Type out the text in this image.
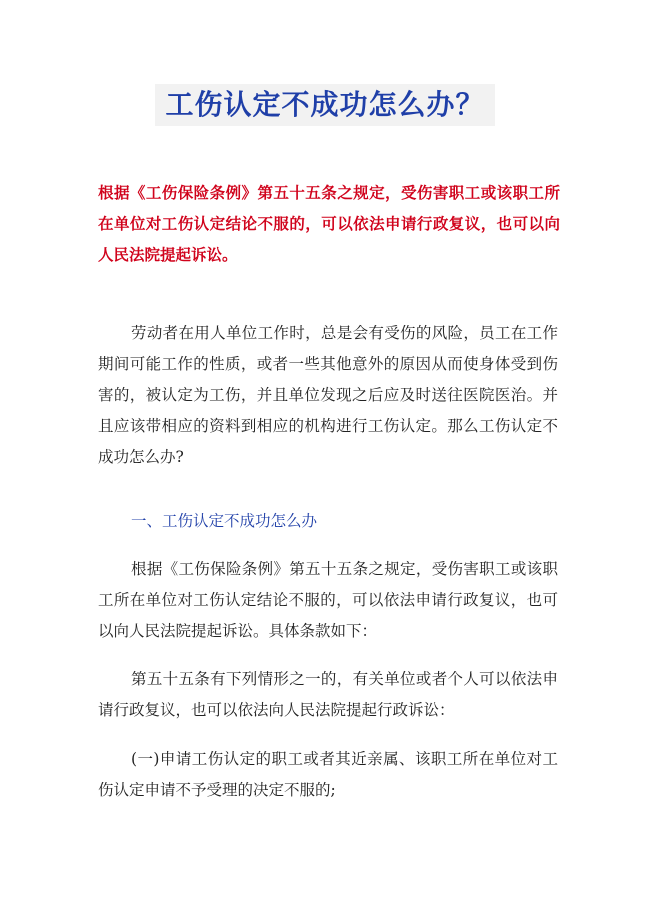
工伤认定不成功怎么办？

根据《工伤保险条例》第五十五条之规定，受伤害职工或该职工所在单位对工伤认定结论不服的，可以依法申请行政复议，也可以向人民法院提起诉讼。

劳动者在用人单位工作时，总是会有受伤的风险，员工在工作期间可能工作的性质，或者一些其他意外的原因从而使身体受到伤害的，被认定为工伤，并且单位发现之后应及时送往医院医治。并且应该带相应的资料到相应的机构进行工伤认定。那么工伤认定不成功怎么办?

一、工伤认定不成功怎么办

根据《工伤保险条例》第五十五条之规定，受伤害职工或该职工所在单位对工伤认定结论不服的，可以依法申请行政复议，也可以向人民法院提起诉讼。具体条款如下：

第五十五条有下列情形之一的，有关单位或者个人可以依法申请行政复议，也可以依法向人民法院提起行政诉讼：

(一)申请工伤认定的职工或者其近亲属、该职工所在单位对工伤认定申请不予受理的决定不服的;
